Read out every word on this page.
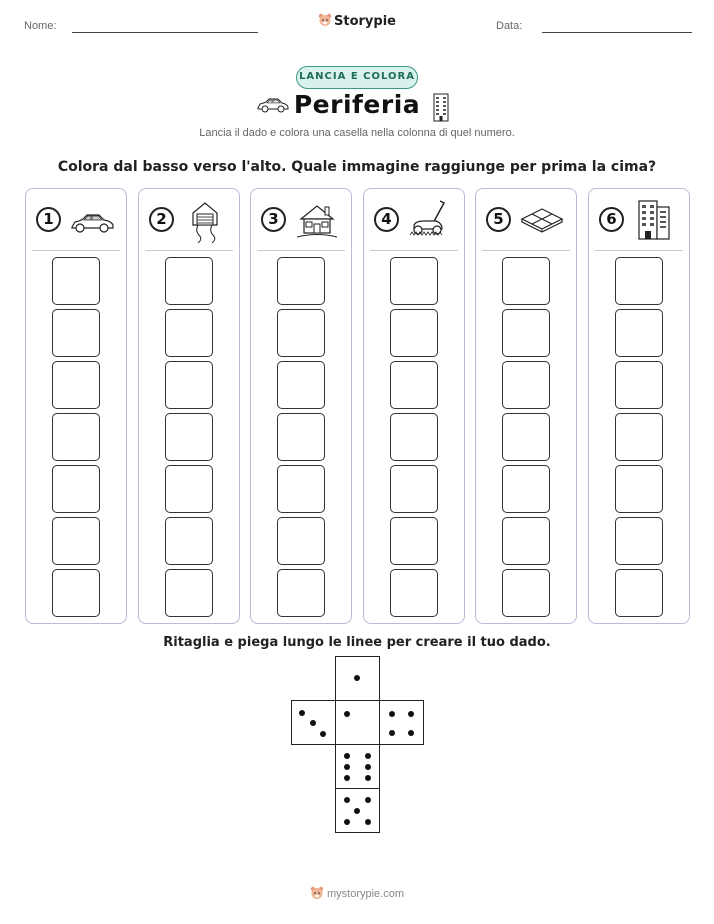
Nome:	Storypie	Data:
LANCIA E COLORA
Periferia
Lancia il dado e colora una casella nella colonna di quel numero.
Colora dal basso verso l'alto. Quale immagine raggiunge per prima la cima?
1	2	3	4	5	6
Ritaglia e piega lungo le linee per creare il tuo dado.
mystorypie.com
